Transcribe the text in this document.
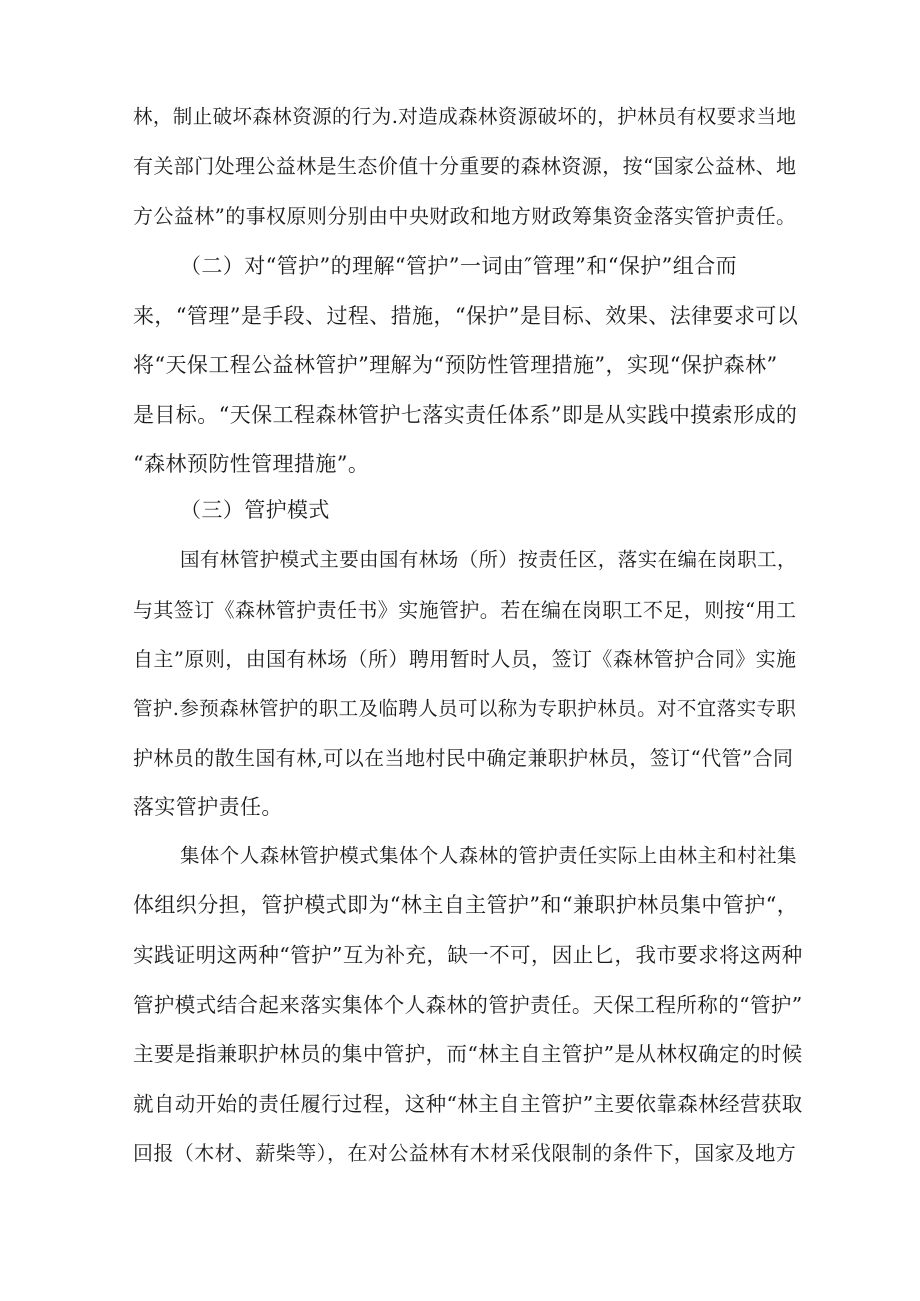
林，制止破坏森林资源的行为.对造成森林资源破坏的，护林员有权要求当地

有关部门处理公益林是生态价值十分重要的森林资源，按“国家公益林、地

方公益林”的事权原则分别由中央财政和地方财政筹集资金落实管护责任。

（二）对“管护”的理解“管护”一词由″管理”和“保护”组合而

来，“管理”是手段、过程、措施，“保护”是目标、效果、法律要求可以

将“天保工程公益林管护”理解为“预防性管理措施”，实现“保护森林”

是目标。“天保工程森林管护七落实责任体系”即是从实践中摸索形成的

“森林预防性管理措施”。

（三）管护模式

国有林管护模式主要由国有林场（所）按责任区，落实在编在岗职工，

与其签订《森林管护责任书》实施管护。若在编在岗职工不足，则按“用工

自主”原则，由国有林场（所）聘用暂时人员，签订《森林管护合同》实施

管护.参预森林管护的职工及临聘人员可以称为专职护林员。对不宜落实专职

护林员的散生国有林,可以在当地村民中确定兼职护林员，签订“代管”合同

落实管护责任。

集体个人森林管护模式集体个人森林的管护责任实际上由林主和村社集

体组织分担，管护模式即为“林主自主管护”和“兼职护林员集中管护“，

实践证明这两种“管护”互为补充，缺一不可，因止匕，我市要求将这两种

管护模式结合起来落实集体个人森林的管护责任。天保工程所称的“管护”

主要是指兼职护林员的集中管护，而“林主自主管护”是从林权确定的时候

就自动开始的责任履行过程，这种“林主自主管护”主要依靠森林经营获取

回报（木材、薪柴等），在对公益林有木材采伐限制的条件下，国家及地方
